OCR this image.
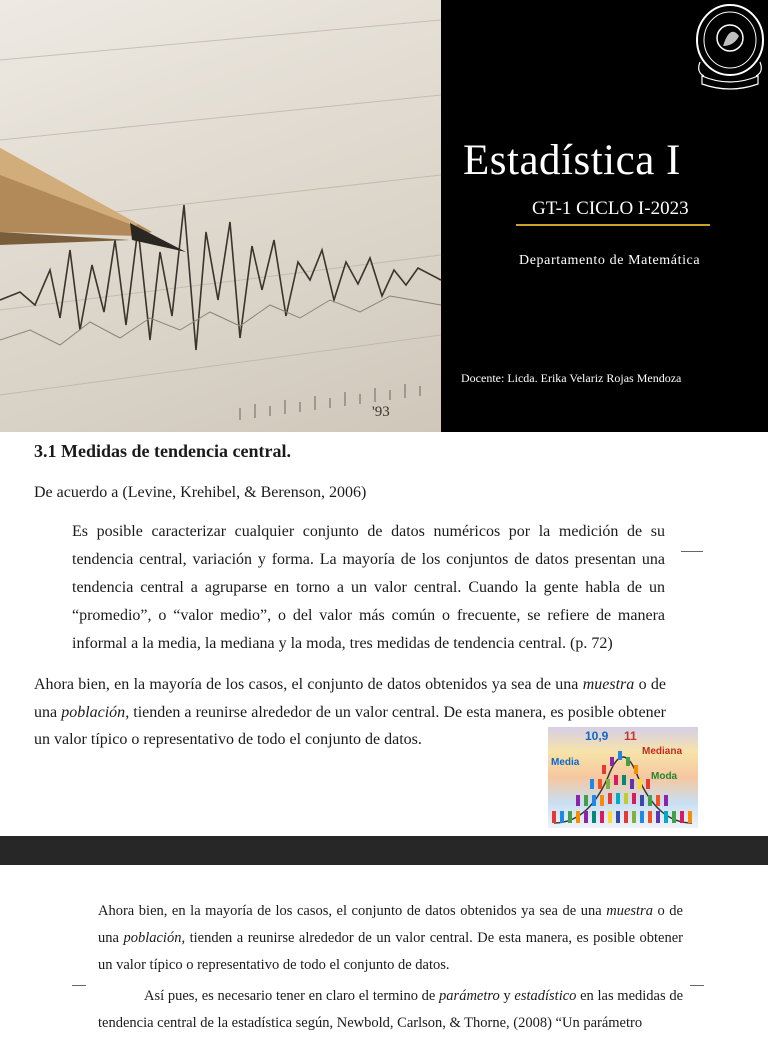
'93
Estadística I
GT-1 CICLO I-2023
Departamento de Matemática
Docente: Licda. Erika Velariz Rojas Mendoza
3.1 Medidas de tendencia central.
De acuerdo a (Levine, Krehibel, & Berenson, 2006)

Es posible caracterizar cualquier conjunto de datos numéricos por la medición de su tendencia central, variación y forma. La mayoría de los conjuntos de datos presentan una tendencia central a agruparse en torno a un valor central. Cuando la gente habla de un “promedio”, o “valor medio”, o del valor más común o frecuente, se refiere de manera informal a la media, la mediana y la moda, tres medidas de tendencia central. (p. 72)

Ahora bien, en la mayoría de los casos, el conjunto de datos obtenidos ya sea de una muestra o de una población, tienden a reunirse alrededor de un valor central. De esta manera, es posible obtener un valor típico o representativo de todo el conjunto de datos.	10,9 11
Mediana
Media
Moda

Ahora bien, en la mayoría de los casos, el conjunto de datos obtenidos ya sea de una muestra o de una población, tienden a reunirse alrededor de un valor central. De esta manera, es posible obtener un valor típico o representativo de todo el conjunto de datos.

Así pues, es necesario tener en claro el termino de parámetro y estadístico en las medidas de tendencia central de la estadística según, Newbold, Carlson, & Thorne, (2008) “Un parámetro
